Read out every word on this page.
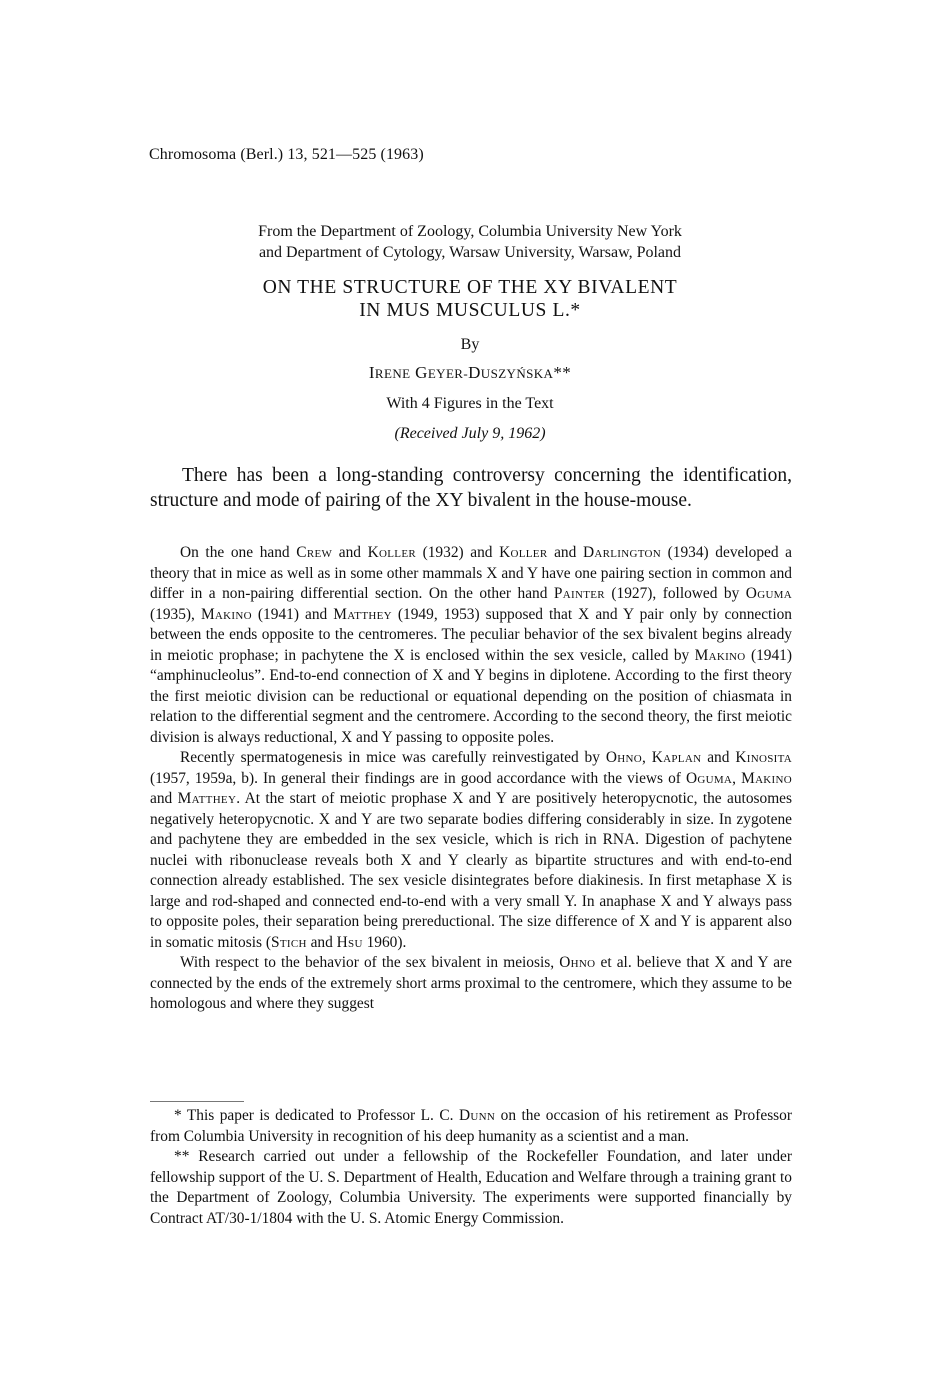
Chromosoma (Berl.) 13, 521—525 (1963)
From the Department of Zoology, Columbia University New York
and Department of Cytology, Warsaw University, Warsaw, Poland
ON THE STRUCTURE OF THE XY BIVALENT
IN MUS MUSCULUS L.*
By
IRENE GEYER-DUSZYŃSKA**
With 4 Figures in the Text
(Received July 9, 1962)

There has been a long-standing controversy concerning the identification, structure and mode of pairing of the XY bivalent in the house-mouse.

On the one hand Crew and Koller (1932) and Koller and Darlington (1934) developed a theory that in mice as well as in some other mammals X and Y have one pairing section in common and differ in a non-pairing differential section. On the other hand Painter (1927), followed by Oguma (1935), Makino (1941) and Matthey (1949, 1953) supposed that X and Y pair only by connection between the ends opposite to the centromeres. The peculiar behavior of the sex bivalent begins already in meiotic prophase; in pachytene the X is enclosed within the sex vesicle, called by Makino (1941) “amphinucleolus”. End-to-end connection of X and Y begins in diplotene. According to the first theory the first meiotic division can be reductional or equational depending on the position of chiasmata in relation to the differential segment and the centromere. According to the second theory, the first meiotic division is always reductional, X and Y passing to opposite poles.

Recently spermatogenesis in mice was carefully reinvestigated by Ohno, Kaplan and Kinosita (1957, 1959a, b). In general their findings are in good accordance with the views of Oguma, Makino and Matthey. At the start of meiotic prophase X and Y are positively heteropycnotic, the autosomes negatively heteropycnotic. X and Y are two separate bodies differing considerably in size. In zygotene and pachytene they are embedded in the sex vesicle, which is rich in RNA. Digestion of pachytene nuclei with ribonuclease reveals both X and Y clearly as bipartite structures and with end-to-end connection already established. The sex vesicle disintegrates before diakinesis. In first metaphase X is large and rod-shaped and connected end-to-end with a very small Y. In anaphase X and Y always pass to opposite poles, their separation being prereductional. The size difference of X and Y is apparent also in somatic mitosis (Stich and Hsu 1960).

With respect to the behavior of the sex bivalent in meiosis, Ohno et al. believe that X and Y are connected by the ends of the extremely short arms proximal to the centromere, which they assume to be homologous and where they suggest

* This paper is dedicated to Professor L. C. Dunn on the occasion of his retirement as Professor from Columbia University in recognition of his deep humanity as a scientist and a man.

** Research carried out under a fellowship of the Rockefeller Foundation, and later under fellowship support of the U. S. Department of Health, Education and Welfare through a training grant to the Department of Zoology, Columbia University. The experiments were supported financially by Contract AT/30-1/1804 with the U. S. Atomic Energy Commission.
